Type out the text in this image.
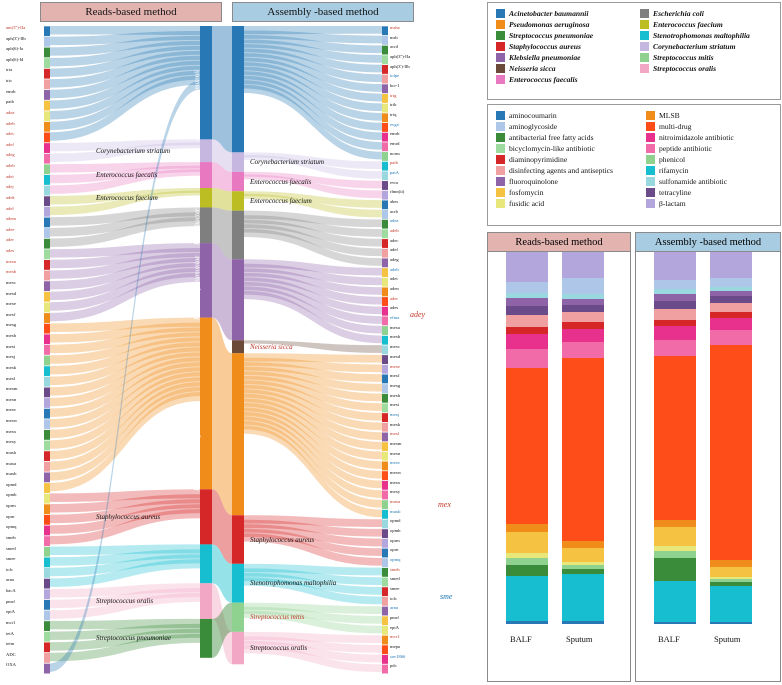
Reads-based method	Assembly -based method
Corynebacterium striatum
Enterococcus faecalis
Enterococcus faecium
Staphylococcus aureus
Streptococcus oralis
Streptococcus pneumoniae
Acinetobacter baumannii
Enterobacter coli
Klebsiella pneumoniae
Pseudomonas aeruginosa
Corynebacterium striatum
Enterococcus faecalis
Enterococcus faecium
Neisseria sicca
Staphylococcus aureus
Stenotrophomonas maltophilia
Streptococcus mitis
Streptococcus oralis
ant(3'')-IIa
aph(3')-IIb
aph(6)-Ia
aph(6)-Id
tria
tric
emrb
patb
adea
adeb
adec
adef
adeg
adeh
adei
adej
adek
adel
adem
adee
ader
ades
mexa
mexb
mexc
mexd
mexe
mexf
mexg
mexh
mexi
mexj
mexk
mexl
mexm
mexn
mexv
mexw
mexx
mexy
mush
muxa
muxb
opmd
opmb
oprm
oprn
opmq
smeb
smed
smee
tolc
arna
bacA
pmrf
eptA
mcr1
tetA
tetm
ADC
OXA
msba
msb
acrd
aph(3'')-IIa
aph(3')-IIb
tolpe
bcr-1
trig
trih
triq
evga
emrb
emrd
norm
patb
patA
evra
rlmn(ii)
abes
acrb
adea
adeb
adec
adef
adeg
adeh
adei
aden
ader
ades
efma
mexa
mexb
mexc
mexd
mexe
mexf
mexg
mexh
mexi
mexj
mexk
mexl
mexm
mexn
mexv
mexw
mexx
mexy
muxa
muxb
opmd
opmb
oprm
oprn
opmq
smeb
smed
smee
tolc
arna
pmrf
eptA
mcr1
mepa
sav1866
pdc
adey
mex
sme
Acinetobacter baumannii
Pseudomonas aeruginosa
Streptococcus pneumoniae
Staphylococcus aureus
Klebsiella pneumoniae
Neisseria sicca
Enterococcus faecalis
Escherichia coli
Enterococcus faecium
Stenotrophomonas maltophilia
Corynebacterium striatum
Streptococcus mitis
Streptococcus oralis
aminocoumarin
aminoglycoside
antibacterial free fatty acids
bicyclomycin-like antibiotic
diaminopyrimidine
disinfecting agents and antiseptics
fluoroquinolone
fosfomycin
fusidic acid
MLSB
multi-drug
nitroimidazole antibiotic
peptide antibiotic
phenicol
rifamycin
sulfonamide antibiotic
tetracyline
β-lactam
Reads-based method
BALF	Sputum
Assembly -based method
BALF	Sputum
